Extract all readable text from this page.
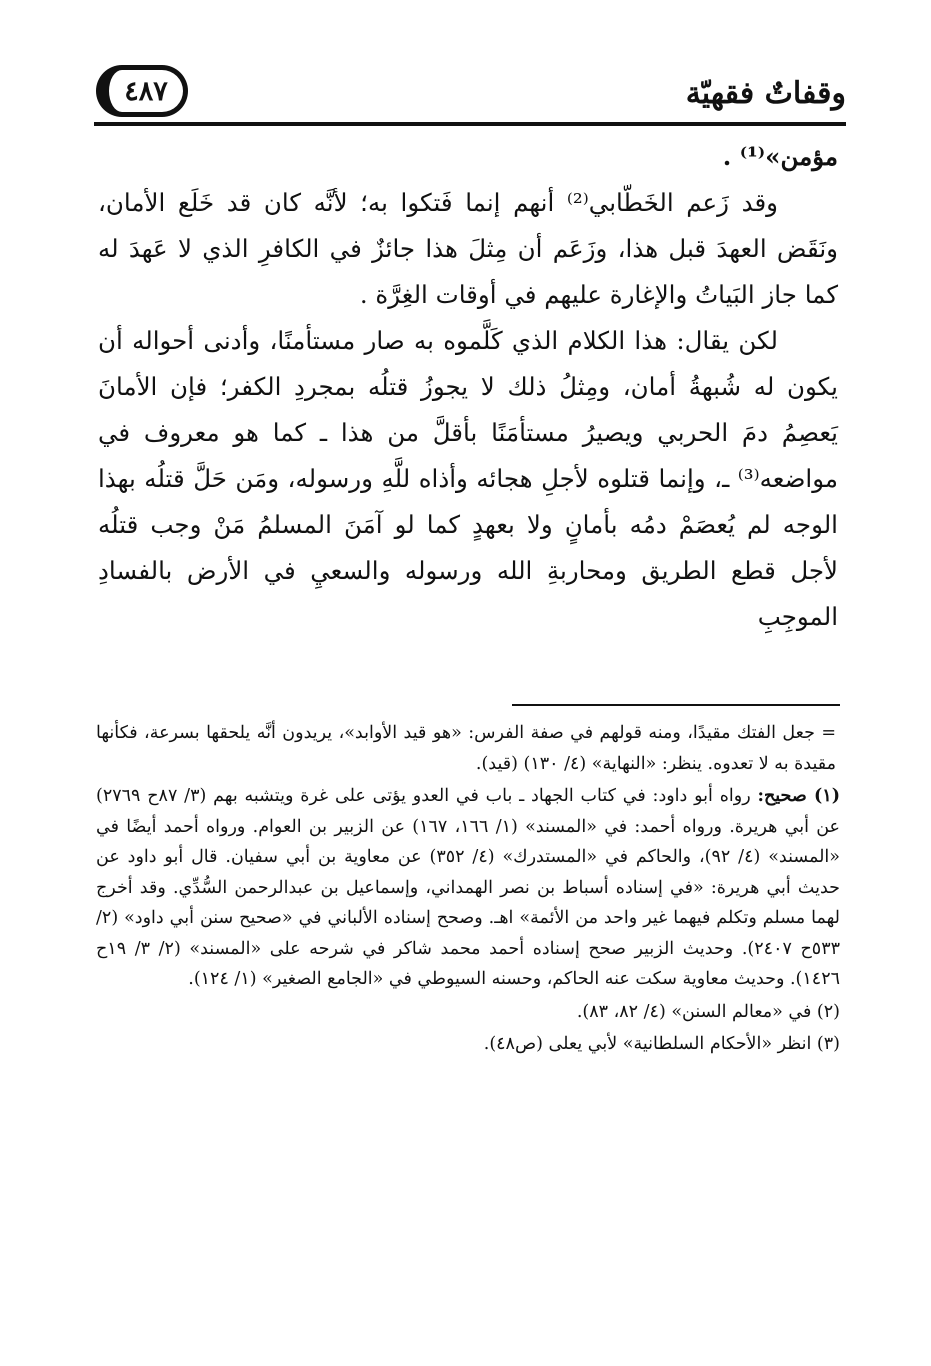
وقفاتٌ فقهيّة
٤٨٧

مؤمن»⁽¹⁾ .

وقد زَعم الخَطّابي⁽²⁾ أنهم إنما فَتكوا به؛ لأنَّه كان قد خَلَع الأمان، ونَقَض العهدَ قبل هذا، وزَعَم أن مِثلَ هذا جائزٌ في الكافرِ الذي لا عَهدَ له كما جاز البَياتُ والإغارة عليهم في أوقات الغِرَّة .

لكن يقال: هذا الكلام الذي كَلَّموه به صار مستأمنًا، وأدنى أحواله أن يكون له شُبهةُ أمان، ومِثلُ ذلك لا يجوزُ قتلُه بمجردِ الكفر؛ فإن الأمانَ يَعصِمُ دمَ الحربي ويصيرُ مستأمَنًا بأقلَّ من هذا ـ كما هو معروف في مواضعه⁽³⁾ ـ، وإنما قتلوه لأجلِ هجائه وأذاه للَّهِ ورسوله، ومَن حَلَّ قتلُه بهذا الوجه لم يُعصَمْ دمُه بأمانٍ ولا بعهدٍ كما لو آمَنَ المسلمُ مَنْ وجب قتلُه لأجل قطع الطريق ومحاربةِ الله ورسوله والسعيِ في الأرض بالفسادِ الموجِبِ

= جعل الفتك مقيدًا، ومنه قولهم في صفة الفرس: «هو قيد الأوابد»، يريدون أنَّه يلحقها بسرعة، فكأنها مقيدة به لا تعدوه. ينظر: «النهاية» (٤/ ١٣٠) (قيد).

(١) صحيح: رواه أبو داود: في كتاب الجهاد ـ باب في العدو يؤتى على غرة ويتشبه بهم (٣/ ٨٧ح ٢٧٦٩) عن أبي هريرة. ورواه أحمد: في «المسند» (١/ ١٦٦، ١٦٧) عن الزبير بن العوام. ورواه أحمد أيضًا في «المسند» (٤/ ٩٢)، والحاكم في «المستدرك» (٤/ ٣٥٢) عن معاوية بن أبي سفيان. قال أبو داود عن حديث أبي هريرة: «في إسناده أسباط بن نصر الهمداني، وإسماعيل بن عبدالرحمن السُّدِّي. وقد أخرج لهما مسلم وتكلم فيهما غير واحد من الأئمة» اهـ. وصحح إسناده الألباني في «صحيح سنن أبي داود» (٢/ ٥٣٣ح ٢٤٠٧). وحديث الزبير صحح إسناده أحمد محمد شاكر في شرحه على «المسند» (٢/ ٣/ ١٩ح ١٤٢٦). وحديث معاوية سكت عنه الحاكم، وحسنه السيوطي في «الجامع الصغير» (١/ ١٢٤).

(٢) في «معالم السنن» (٤/ ٨٢، ٨٣).

(٣) انظر «الأحكام السلطانية» لأبي يعلى (ص٤٨).
